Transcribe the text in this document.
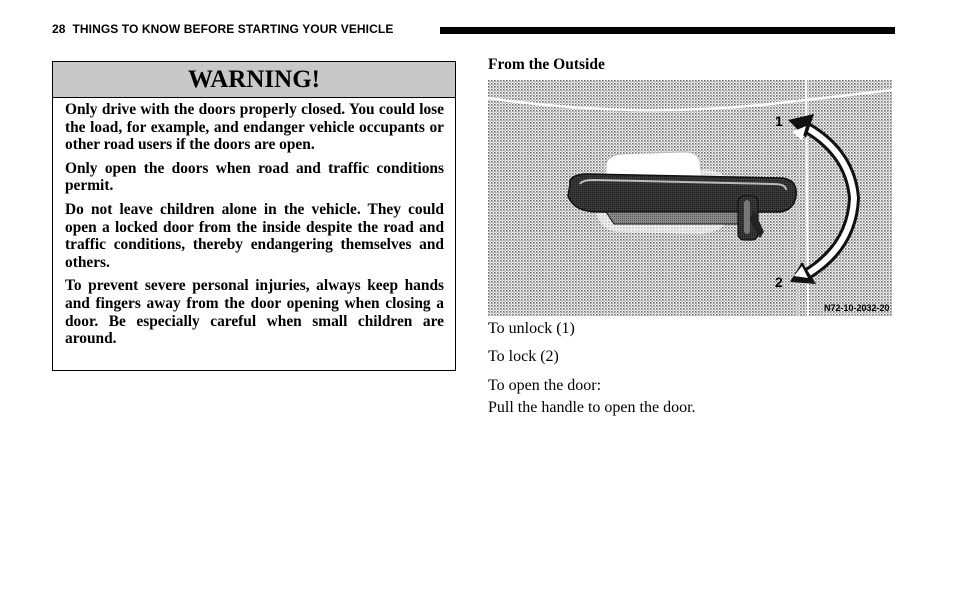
28 THINGS TO KNOW BEFORE STARTING YOUR VEHICLE
WARNING!

Only drive with the doors properly closed. You could lose the load, for example, and endanger vehicle occupants or other road users if the doors are open.

Only open the doors when road and traffic conditions permit.

Do not leave children alone in the vehicle. They could open a locked door from the inside despite the road and traffic conditions, thereby endangering themselves and others.

To prevent severe personal injuries, always keep hands and fingers away from the door opening when closing a door. Be especially careful when small children are around.

From the Outside

1
2
N72-10-2032-20

To unlock (1)

To lock (2)

To open the door:

Pull the handle to open the door.
